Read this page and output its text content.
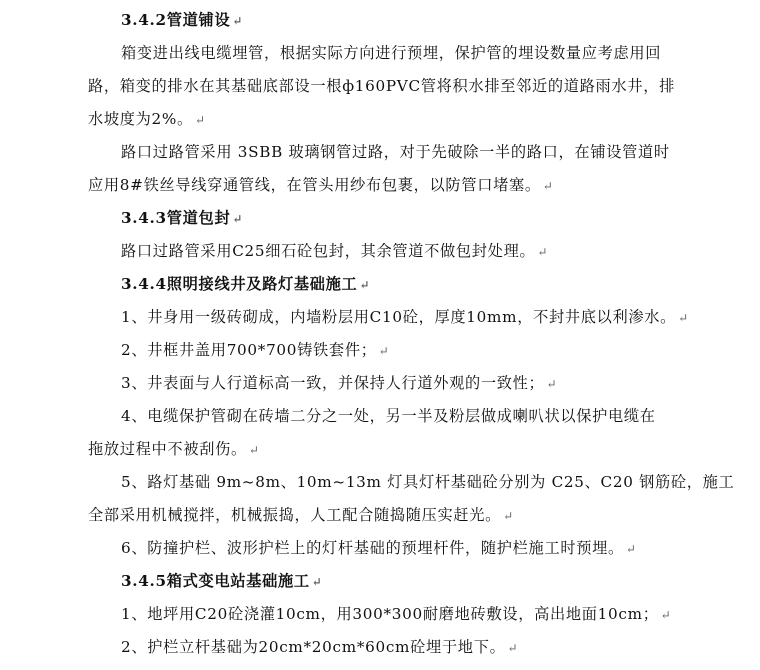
3.4.2管道铺设 ↵
箱变进出线电缆埋管，根据实际方向进行预埋，保护管的埋设数量应考虑用回
路，箱变的排水在其基础底部设一根ф160PVC管将积水排至邻近的道路雨水井，排
水坡度为2%。 ↵
路口过路管采用 3SBB 玻璃钢管过路，对于先破除一半的路口，在铺设管道时
应用8#铁丝导线穿通管线，在管头用纱布包裹，以防管口堵塞。 ↵
3.4.3管道包封 ↵
路口过路管采用C25细石砼包封，其余管道不做包封处理。 ↵
3.4.4照明接线井及路灯基础施工 ↵
1、井身用一级砖砌成，内墙粉层用C10砼，厚度10mm，不封井底以利渗水。 ↵
2、井框井盖用700*700铸铁套件； ↵
3、井表面与人行道标高一致，并保持人行道外观的一致性； ↵
4、电缆保护管砌在砖墙二分之一处，另一半及粉层做成喇叭状以保护电缆在
拖放过程中不被刮伤。 ↵
5、路灯基础 9m~8m、10m~13m 灯具灯杆基础砼分别为 C25、C20 钢筋砼，施工
全部采用机械搅拌，机械振捣，人工配合随捣随压实赶光。 ↵
6、防撞护栏、波形护栏上的灯杆基础的预埋杆件，随护栏施工时预埋。 ↵
3.4.5箱式变电站基础施工 ↵
1、地坪用C20砼浇灌10cm，用300*300耐磨地砖敷设，高出地面10cm； ↵
2、护栏立杆基础为20cm*20cm*60cm砼埋于地下。 ↵
